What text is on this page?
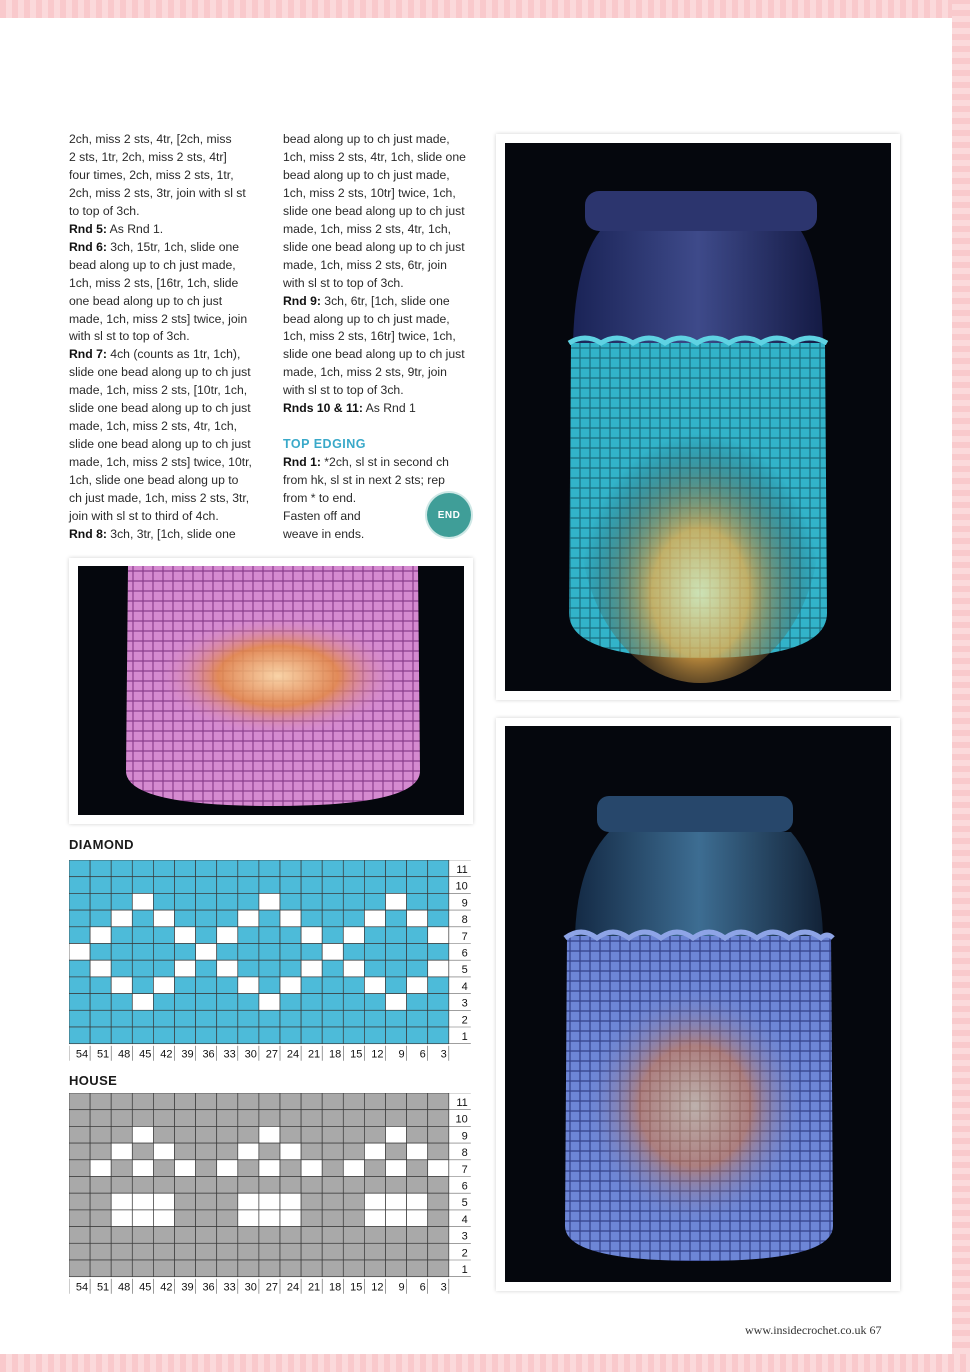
2ch, miss 2 sts, 4tr, [2ch, miss

2 sts, 1tr, 2ch, miss 2 sts, 4tr]

four times, 2ch, miss 2 sts, 1tr,

2ch, miss 2 sts, 3tr, join with sl st

to top of 3ch.

Rnd 5: As Rnd 1.

Rnd 6: 3ch, 15tr, 1ch, slide one

bead along up to ch just made,

1ch, miss 2 sts, [16tr, 1ch, slide

one bead along up to ch just

made, 1ch, miss 2 sts] twice, join

with sl st to top of 3ch.

Rnd 7: 4ch (counts as 1tr, 1ch),

slide one bead along up to ch just

made, 1ch, miss 2 sts, [10tr, 1ch,

slide one bead along up to ch just

made, 1ch, miss 2 sts, 4tr, 1ch,

slide one bead along up to ch just

made, 1ch, miss 2 sts] twice, 10tr,

1ch, slide one bead along up to

ch just made, 1ch, miss 2 sts, 3tr,

join with sl st to third of 4ch.

Rnd 8: 3ch, 3tr, [1ch, slide one

bead along up to ch just made,

1ch, miss 2 sts, 4tr, 1ch, slide one

bead along up to ch just made,

1ch, miss 2 sts, 10tr] twice, 1ch,

slide one bead along up to ch just

made, 1ch, miss 2 sts, 4tr, 1ch,

slide one bead along up to ch just

made, 1ch, miss 2 sts, 6tr, join

with sl st to top of 3ch.

Rnd 9: 3ch, 6tr, [1ch, slide one

bead along up to ch just made,

1ch, miss 2 sts, 16tr] twice, 1ch,

slide one bead along up to ch just

made, 1ch, miss 2 sts, 9tr, join

with sl st to top of 3ch.

Rnds 10 & 11: As Rnd 1

TOP EDGING

Rnd 1: *2ch, sl st in second ch

from hk, sl st in next 2 sts; rep

from * to end.

Fasten off and

weave in ends.

END
DIAMOND
11
10
9
8
7
6
5
4
3
2
1
54 51 48 45 42 39 36 33 30 27 24 21 18 15 12 9 6 3
HOUSE
11
10
9
8
7
6
5
4
3
2
1
54 51 48 45 42 39 36 33 30 27 24 21 18 15 12 9 6 3
www.insidecrochet.co.uk 67
